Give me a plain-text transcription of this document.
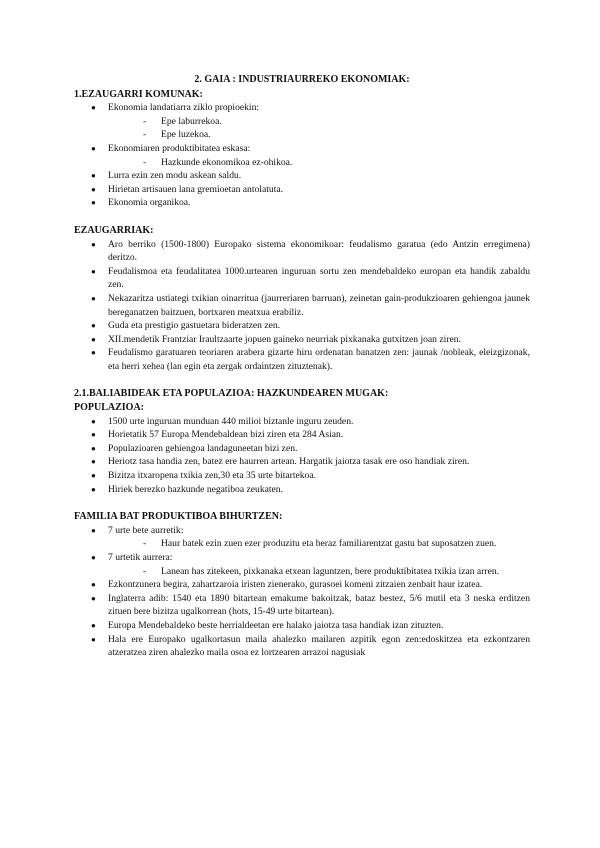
2. GAIA : INDUSTRIAURREKO EKONOMIAK:
1.EZAUGARRI KOMUNAK:
● Ekonomia landatiarra ziklo propioekin:
- Epe laburrekoa.
- Epe luzekoa.
● Ekonomiaren produktibitatea eskasa:
- Hazkunde ekonomikoa ez-ohikoa.
● Lurra ezin zen modu askean saldu.
● Hirietan artisauen lana gremioetan antolatuta.
● Ekonomia organikoa.
EZAUGARRIAK:
● Aro berriko (1500-1800) Europako sistema ekonomikoar: feudalismo garatua (edo Antzin erregimena) deritzo.
● Feudalismoa eta feudalitatea 1000.urtearen inguruan sortu zen mendebaldeko europan eta handik zabaldu zen.
● Nekazaritza ustiategi txikian oinarritua (jaurreriaren barruan), zeinetan gain-produkzioaren gehiengoa jaunek bereganatzen baitzuen, bortxaren meatxua erabiliz.
● Guda eta prestigio gastuetara bideratzen zen.
● XII.mendetik Frantziar Iraultzaarte jopuen gaineko neurriak pixkanaka gutxitzen joan ziren.
● Feudalismo garatuaren teoriaren arabera gizarte hiru ordenatan banatzen zen: jaunak /nobleak, eleizgizonak, eta herri xehea (lan egin eta zergak ordaintzen zituztenak).
2.1.BALIABIDEAK ETA POPULAZIOA: HAZKUNDEAREN MUGAK:
POPULAZIOA:
● 1500 urte inguruan munduan 440 milioi biztanle inguru zeuden.
● Horietatik 57 Europa Mendebaldean bizi ziren eta 284 Asian.
● Populazioaren gehiengoa landaguneetan bizi zen.
● Heriotz tasa handia zen, batez ere haurren artean. Hargatik jaiotza tasak ere oso handiak ziren.
● Bizitza itxaropena txikia zen,30 eta 35 urte bitartekoa.
● Hiriek berezko hazkunde negatiboa zeukaten.
FAMILIA BAT PRODUKTIBOA BIHURTZEN:
● 7 urte bete aurretik:
- Haur batek ezin zuen ezer produzitu eta beraz familiarentzat gastu bat suposatzen zuen.
● 7 urtetik aurrera:
- Lanean has zitekeen, pixkanaka etxean laguntzen, bere produktibitatea txikia izan arren.
● Ezkontzunera begira, zahartzaroia iristen zienerako, gurasoei komeni zitzaien zenbait haur izatea.
● Inglaterra adib: 1540 eta 1890 bitartean emakume bakoitzak, bataz bestez, 5/6 mutil eta 3 neska erditzen zituen bere bizitza ugalkorrean (hots, 15-49 urte bitartean).
● Europa Mendebaldeko beste herrialdeetan ere halako jaiotza tasa handiak izan zituzten.
● Hala ere Europako ugalkortasun maila ahalezko mailaren azpitik egon zen:edoskitzea eta ezkontzaren atzeratzea ziren ahalezko maila osoa ez lortzearen arrazoi nagusiak
